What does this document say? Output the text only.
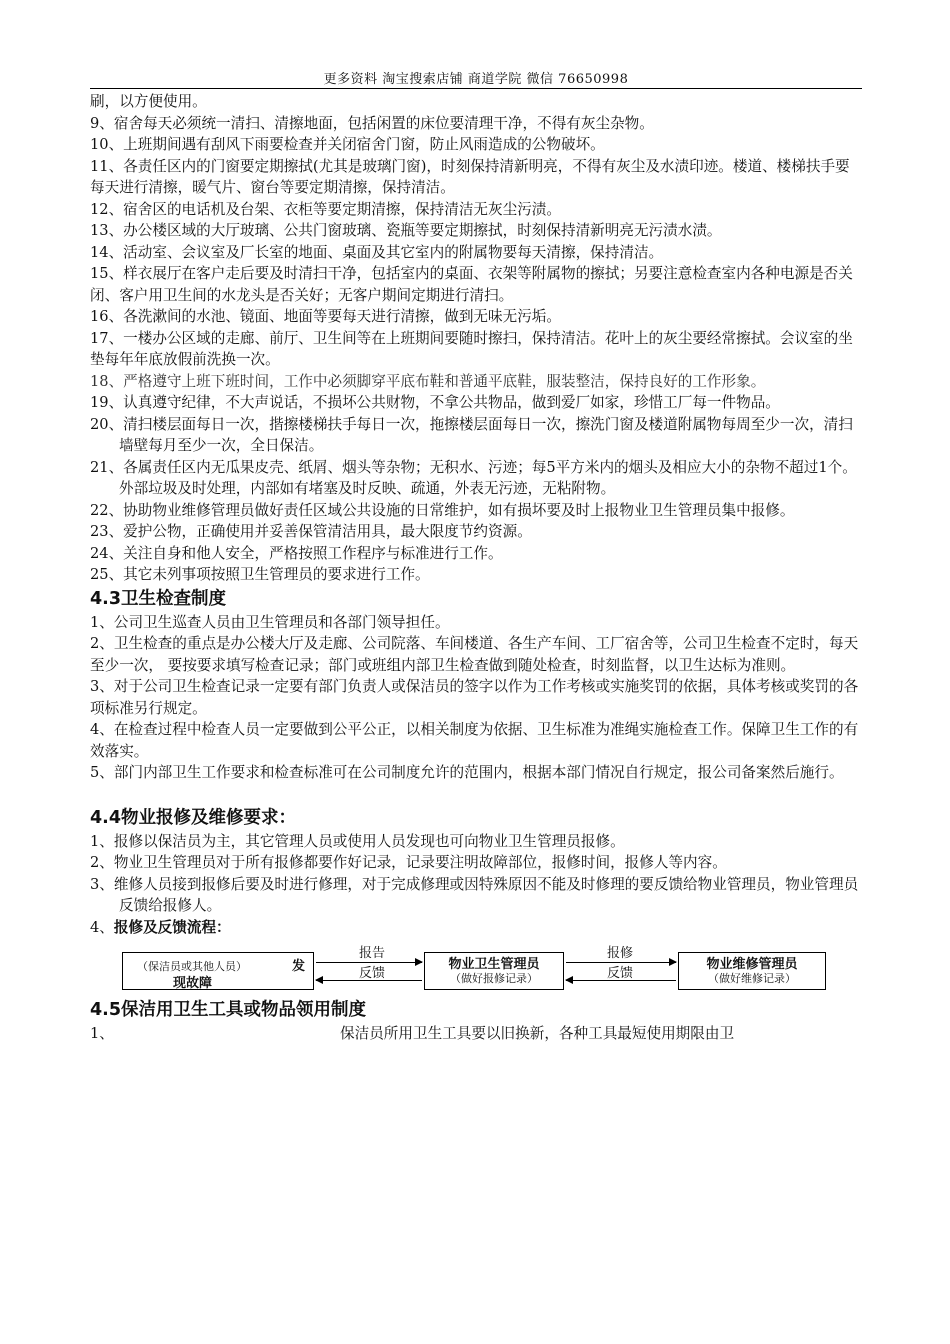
更多资料 淘宝搜索店铺 商道学院 微信 76650998

刷，以方便使用。

9、宿舍每天必须统一清扫、清擦地面，包括闲置的床位要清理干净，不得有灰尘杂物。

10、上班期间遇有刮风下雨要检查并关闭宿舍门窗，防止风雨造成的公物破坏。

11、各责任区内的门窗要定期擦拭(尤其是玻璃门窗)，时刻保持清新明亮，不得有灰尘及水渍印迹。楼道、楼梯扶手要每天进行清擦，暖气片、窗台等要定期清擦，保持清洁。

12、宿舍区的电话机及台架、衣柜等要定期清擦，保持清洁无灰尘污渍。

13、办公楼区域的大厅玻璃、公共门窗玻璃、瓷瓶等要定期擦拭，时刻保持清新明亮无污渍水渍。

14、活动室、会议室及厂长室的地面、桌面及其它室内的附属物要每天清擦，保持清洁。

15、样衣展厅在客户走后要及时清扫干净，包括室内的桌面、衣架等附属物的擦拭；另要注意检查室内各种电源是否关闭、客户用卫生间的水龙头是否关好；无客户期间定期进行清扫。

16、各洗漱间的水池、镜面、地面等要每天进行清擦，做到无味无污垢。

17、一楼办公区域的走廊、前厅、卫生间等在上班期间要随时擦扫，保持清洁。花叶上的灰尘要经常擦拭。会议室的坐垫每年年底放假前洗换一次。

18、严格遵守上班下班时间，工作中必须脚穿平底布鞋和普通平底鞋，服装整洁，保持良好的工作形象。

19、认真遵守纪律，不大声说话，不损坏公共财物，不拿公共物品，做到爱厂如家，珍惜工厂每一件物品。

20、清扫楼层面每日一次，揩擦楼梯扶手每日一次，拖擦楼层面每日一次，擦洗门窗及楼道附属物每周至少一次，清扫墙壁每月至少一次，全日保洁。

21、各属责任区内无瓜果皮壳、纸屑、烟头等杂物；无积水、污迹；每5平方米内的烟头及相应大小的杂物不超过1个。外部垃圾及时处理，内部如有堵塞及时反映、疏通，外表无污迹，无粘附物。

22、协助物业维修管理员做好责任区域公共设施的日常维护，如有损坏要及时上报物业卫生管理员集中报修。

23、爱护公物，正确使用并妥善保管清洁用具，最大限度节约资源。

24、关注自身和他人安全，严格按照工作程序与标准进行工作。

25、其它未列事项按照卫生管理员的要求进行工作。

4.3卫生检查制度

1、公司卫生巡查人员由卫生管理员和各部门领导担任。

2、卫生检查的重点是办公楼大厅及走廊、公司院落、车间楼道、各生产车间、工厂宿舍等，公司卫生检查不定时，每天至少一次， 要按要求填写检查记录；部门或班组内部卫生检查做到随处检查，时刻监督，以卫生达标为准则。

3、对于公司卫生检查记录一定要有部门负责人或保洁员的签字以作为工作考核或实施奖罚的依据，具体考核或奖罚的各项标准另行规定。

4、在检查过程中检查人员一定要做到公平公正，以相关制度为依据、卫生标准为准绳实施检查工作。保障卫生工作的有效落实。

5、部门内部卫生工作要求和检查标准可在公司制度允许的范围内，根据本部门情况自行规定，报公司备案然后施行。

4.4物业报修及维修要求：

1、报修以保洁员为主，其它管理人员或使用人员发现也可向物业卫生管理员报修。

2、物业卫生管理员对于所有报修都要作好记录，记录要注明故障部位，报修时间，报修人等内容。

3、维修人员接到报修后要及时进行修理，对于完成修理或因特殊原因不能及时修理的要反馈给物业管理员，物业管理员反馈给报修人。

4、报修及反馈流程：

（保洁员或其他人员）	发
现故障
报告
反馈
物业卫生管理员
（做好报修记录）
报修
反馈
物业维修管理员
（做好维修记录）
4.5保洁用卫生工具或物品领用制度

1、	保洁员所用卫生工具要以旧换新，各种工具最短使用期限由卫
